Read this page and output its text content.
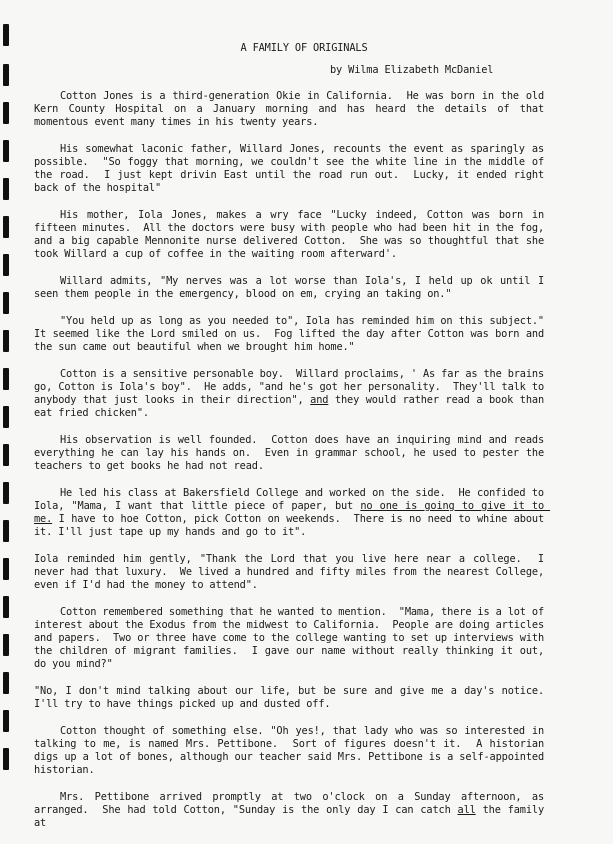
A FAMILY OF ORIGINALS
by Wilma Elizabeth McDaniel
Cotton Jones is a third-generation Okie in California.  He was born in the old Kern County Hospital on a January morning and has heard the details of that momentous event many times in his twenty years.
His somewhat laconic father, Willard Jones, recounts the event as sparingly as possible.  "So foggy that morning, we couldn't see the white line in the middle of the road.  I just kept drivin East until the road run out.  Lucky, it ended right back of the hospital"
His mother, Iola Jones, makes a wry face "Lucky indeed, Cotton was born in fifteen minutes.  All the doctors were busy with people who had been hit in the fog, and a big capable Mennonite nurse delivered Cotton.  She was so thoughtful that she took Willard a cup of coffee in the waiting room afterward'.
Willard admits, "My nerves was a lot worse than Iola's, I held up ok until I seen them people in the emergency, blood on em, crying an taking on."
"You held up as long as you needed to", Iola has reminded him on this subject." It seemed like the Lord smiled on us.  Fog lifted the day after Cotton was born and the sun came out beautiful when we brought him home."
Cotton is a sensitive personable boy.  Willard proclaims, ' As far as the brains go, Cotton is Iola's boy".  He adds, "and he's got her personality.  They'll talk to anybody that just looks in their direction", and they would rather read a book than eat fried chicken".
His observation is well founded.  Cotton does have an inquiring mind and reads everything he can lay his hands on.  Even in grammar school, he used to pester the teachers to get books he had not read.
He led his class at Bakersfield College and worked on the side.  He confided to Iola, "Mama, I want that little piece of paper, but no one is going to give it to me. I have to hoe Cotton, pick Cotton on weekends.  There is no need to whine about it. I'll just tape up my hands and go to it".
Iola reminded him gently, "Thank the Lord that you live here near a college.  I never had that luxury.  We lived a hundred and fifty miles from the nearest College, even if I'd had the money to attend".
Cotton remembered something that he wanted to mention.  "Mama, there is a lot of interest about the Exodus from the midwest to California.  People are doing articles and papers.  Two or three have come to the college wanting to set up interviews with the children of migrant families.  I gave our name without really thinking it out, do you mind?"
"No, I don't mind talking about our life, but be sure and give me a day's notice. I'll try to have things picked up and dusted off.
Cotton thought of something else. "Oh yes!, that lady who was so interested in talking to me, is named Mrs. Pettibone.  Sort of figures doesn't it.  A historian digs up a lot of bones, although our teacher said Mrs. Pettibone is a self-appointed historian.
Mrs. Pettibone arrived promptly at two o'clock on a Sunday afternoon, as arranged.  She had told Cotton, "Sunday is the only day I can catch all the family at
